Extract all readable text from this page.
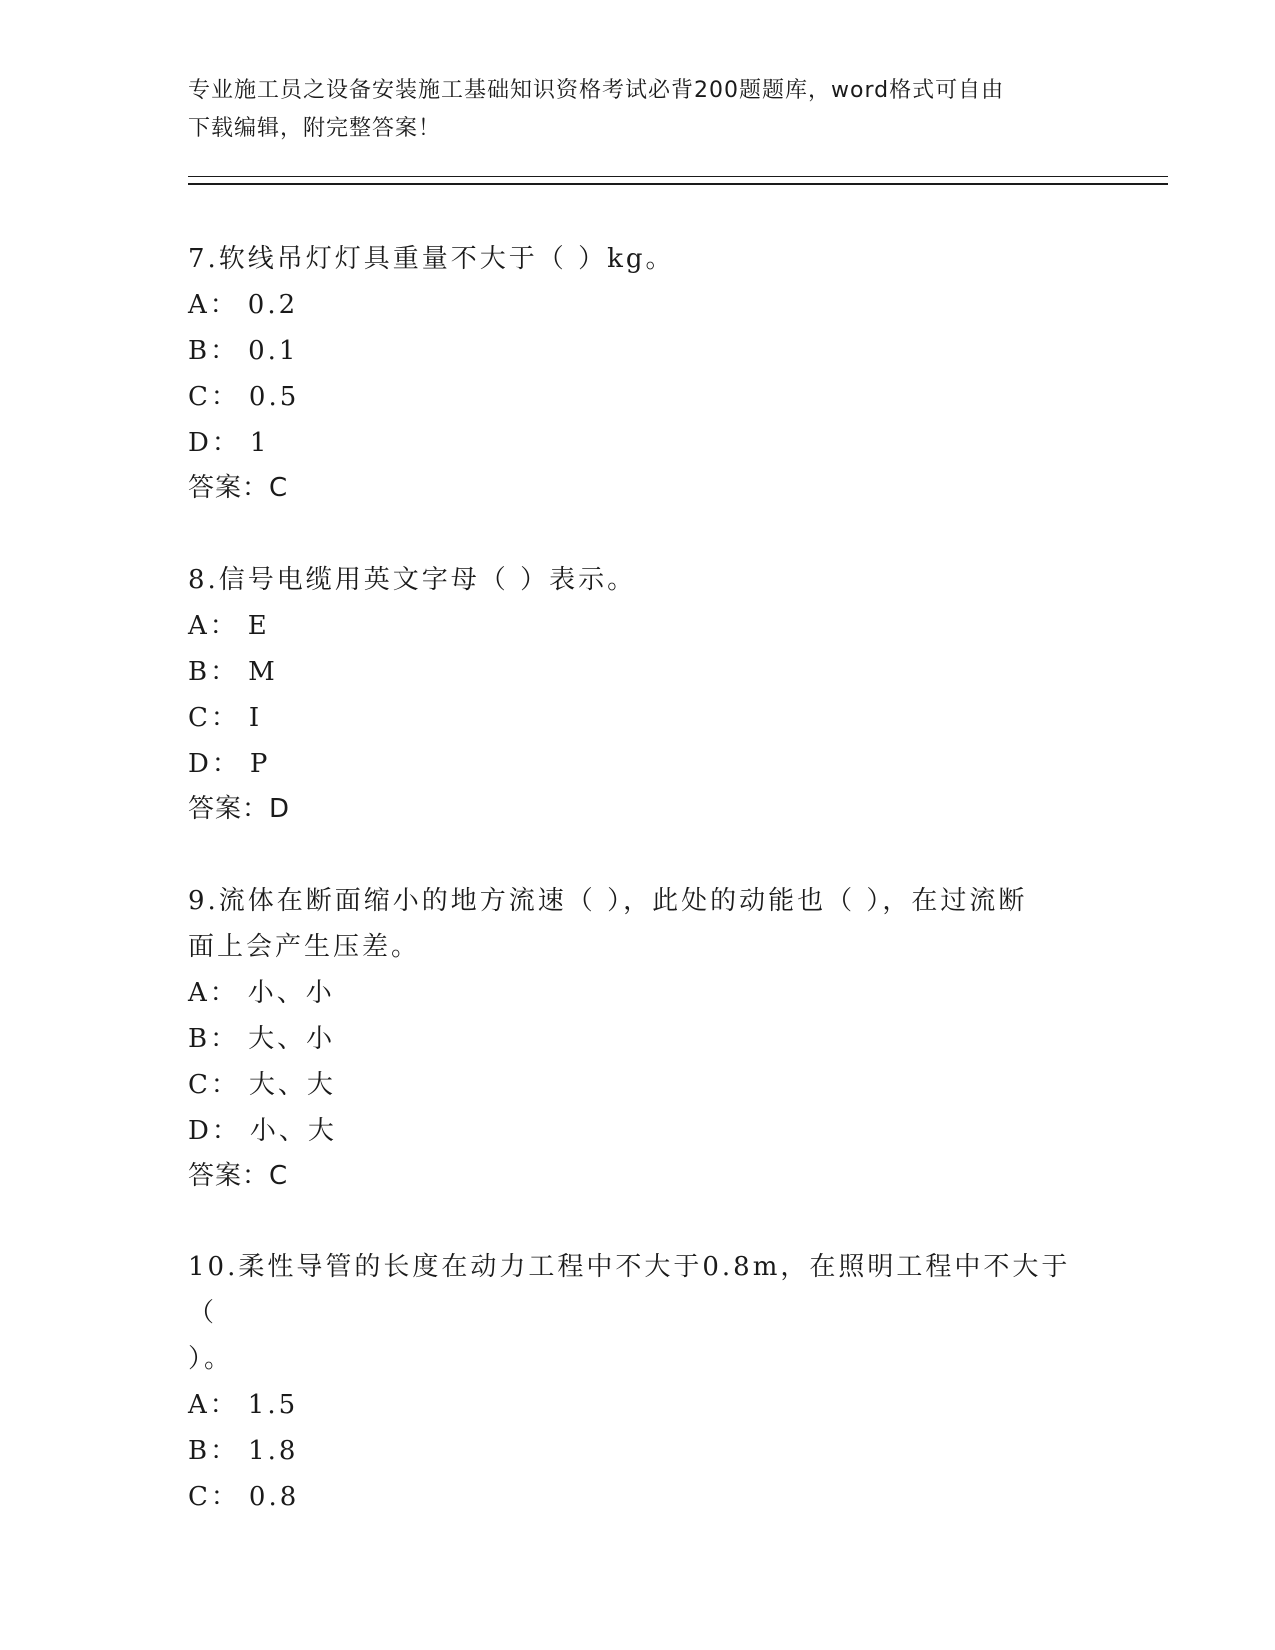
专业施工员之设备安装施工基础知识资格考试必背200题题库，word格式可自由
下载编辑，附完整答案！

7.软线吊灯灯具重量不大于（ ）kg。

A ： 0.2

B ： 0.1

C ： 0.5

D ： 1

答案：C

8.信号电缆用英文字母（ ）表示。

A ： E

B ： M

C ： I

D ： P

答案：D

9.流体在断面缩小的地方流速（ ），此处的动能也（ ），在过流断

面上会产生压差。

A ： 小、小

B ： 大、小

C ： 大、大

D ： 小、大

答案：C

10.柔性导管的长度在动力工程中不大于0.8m，在照明工程中不大于（

）。

A ： 1.5

B ： 1.8

C ： 0.8
